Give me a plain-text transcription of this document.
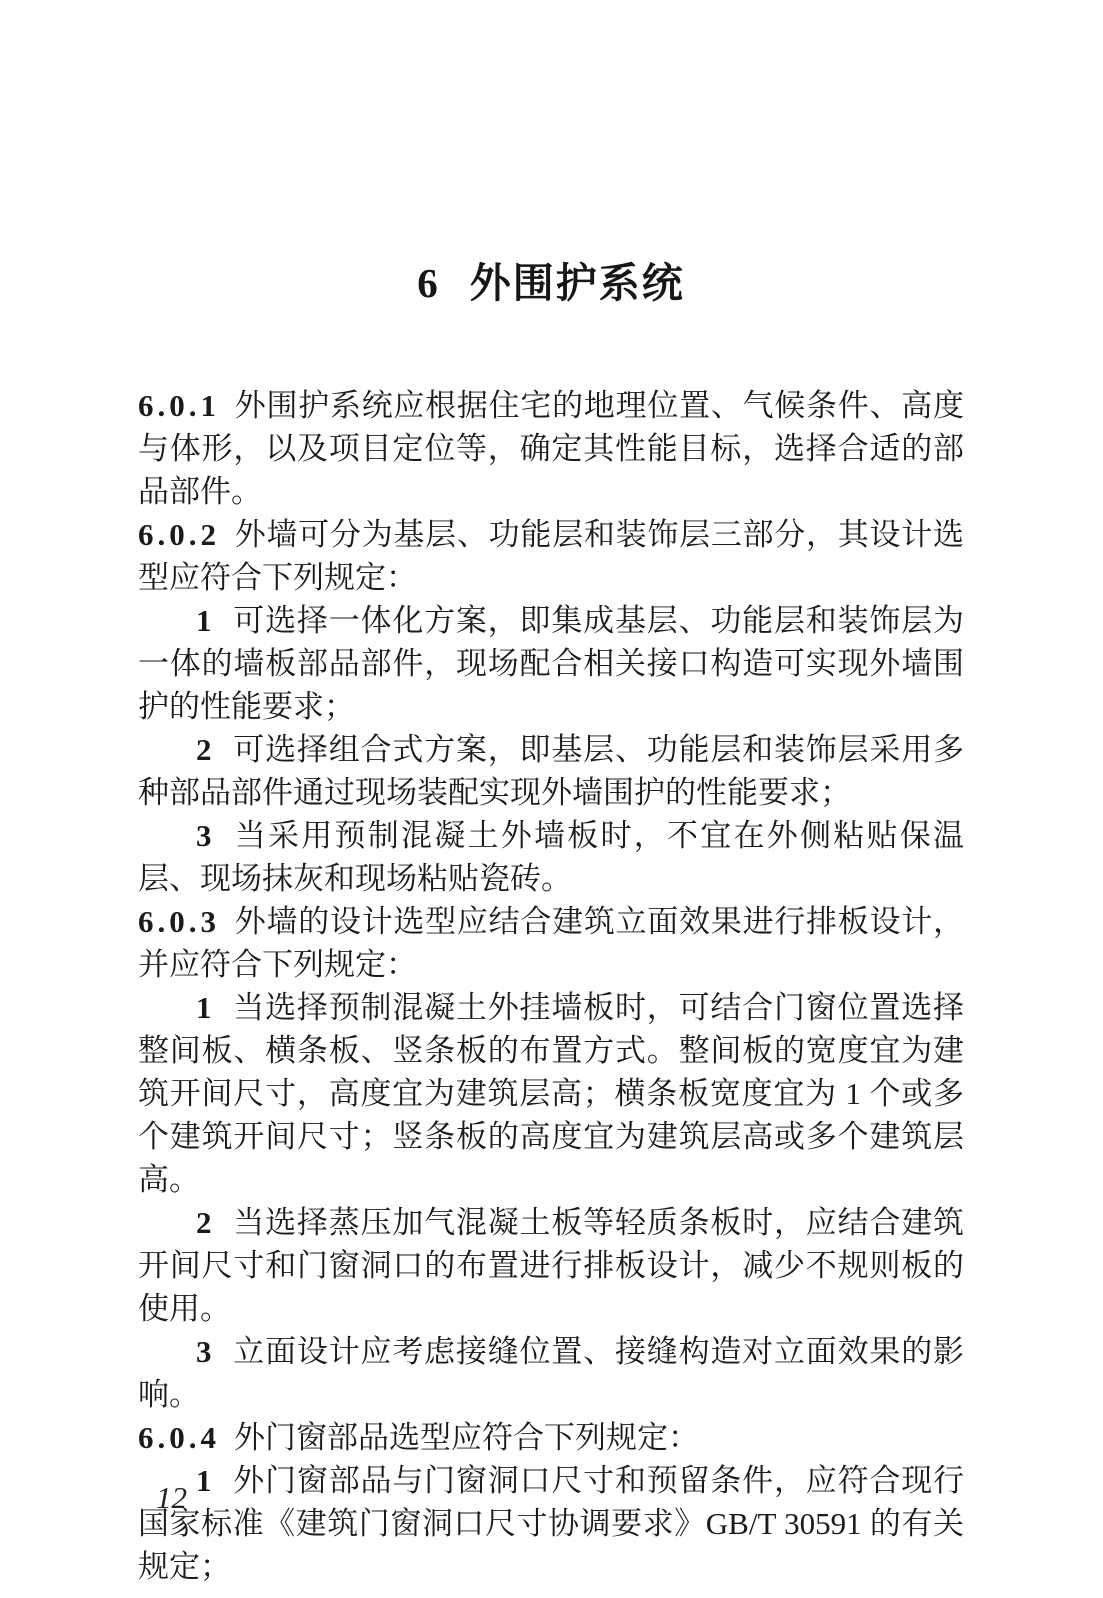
6 外围护系统

6.0.1 外围护系统应根据住宅的地理位置、气候条件、高度与体形，以及项目定位等，确定其性能目标，选择合适的部品部件。

6.0.2 外墙可分为基层、功能层和装饰层三部分，其设计选型应符合下列规定：

1 可选择一体化方案，即集成基层、功能层和装饰层为一体的墙板部品部件，现场配合相关接口构造可实现外墙围护的性能要求；

2 可选择组合式方案，即基层、功能层和装饰层采用多种部品部件通过现场装配实现外墙围护的性能要求；

3 当采用预制混凝土外墙板时，不宜在外侧粘贴保温层、现场抹灰和现场粘贴瓷砖。

6.0.3 外墙的设计选型应结合建筑立面效果进行排板设计，并应符合下列规定：

1 当选择预制混凝土外挂墙板时，可结合门窗位置选择整间板、横条板、竖条板的布置方式。整间板的宽度宜为建筑开间尺寸，高度宜为建筑层高；横条板宽度宜为 1 个或多个建筑开间尺寸；竖条板的高度宜为建筑层高或多个建筑层高。

2 当选择蒸压加气混凝土板等轻质条板时，应结合建筑开间尺寸和门窗洞口的布置进行排板设计，减少不规则板的使用。

3 立面设计应考虑接缝位置、接缝构造对立面效果的影响。

6.0.4 外门窗部品选型应符合下列规定：

1 外门窗部品与门窗洞口尺寸和预留条件，应符合现行国家标准《建筑门窗洞口尺寸协调要求》GB/T 30591 的有关规定；

12
